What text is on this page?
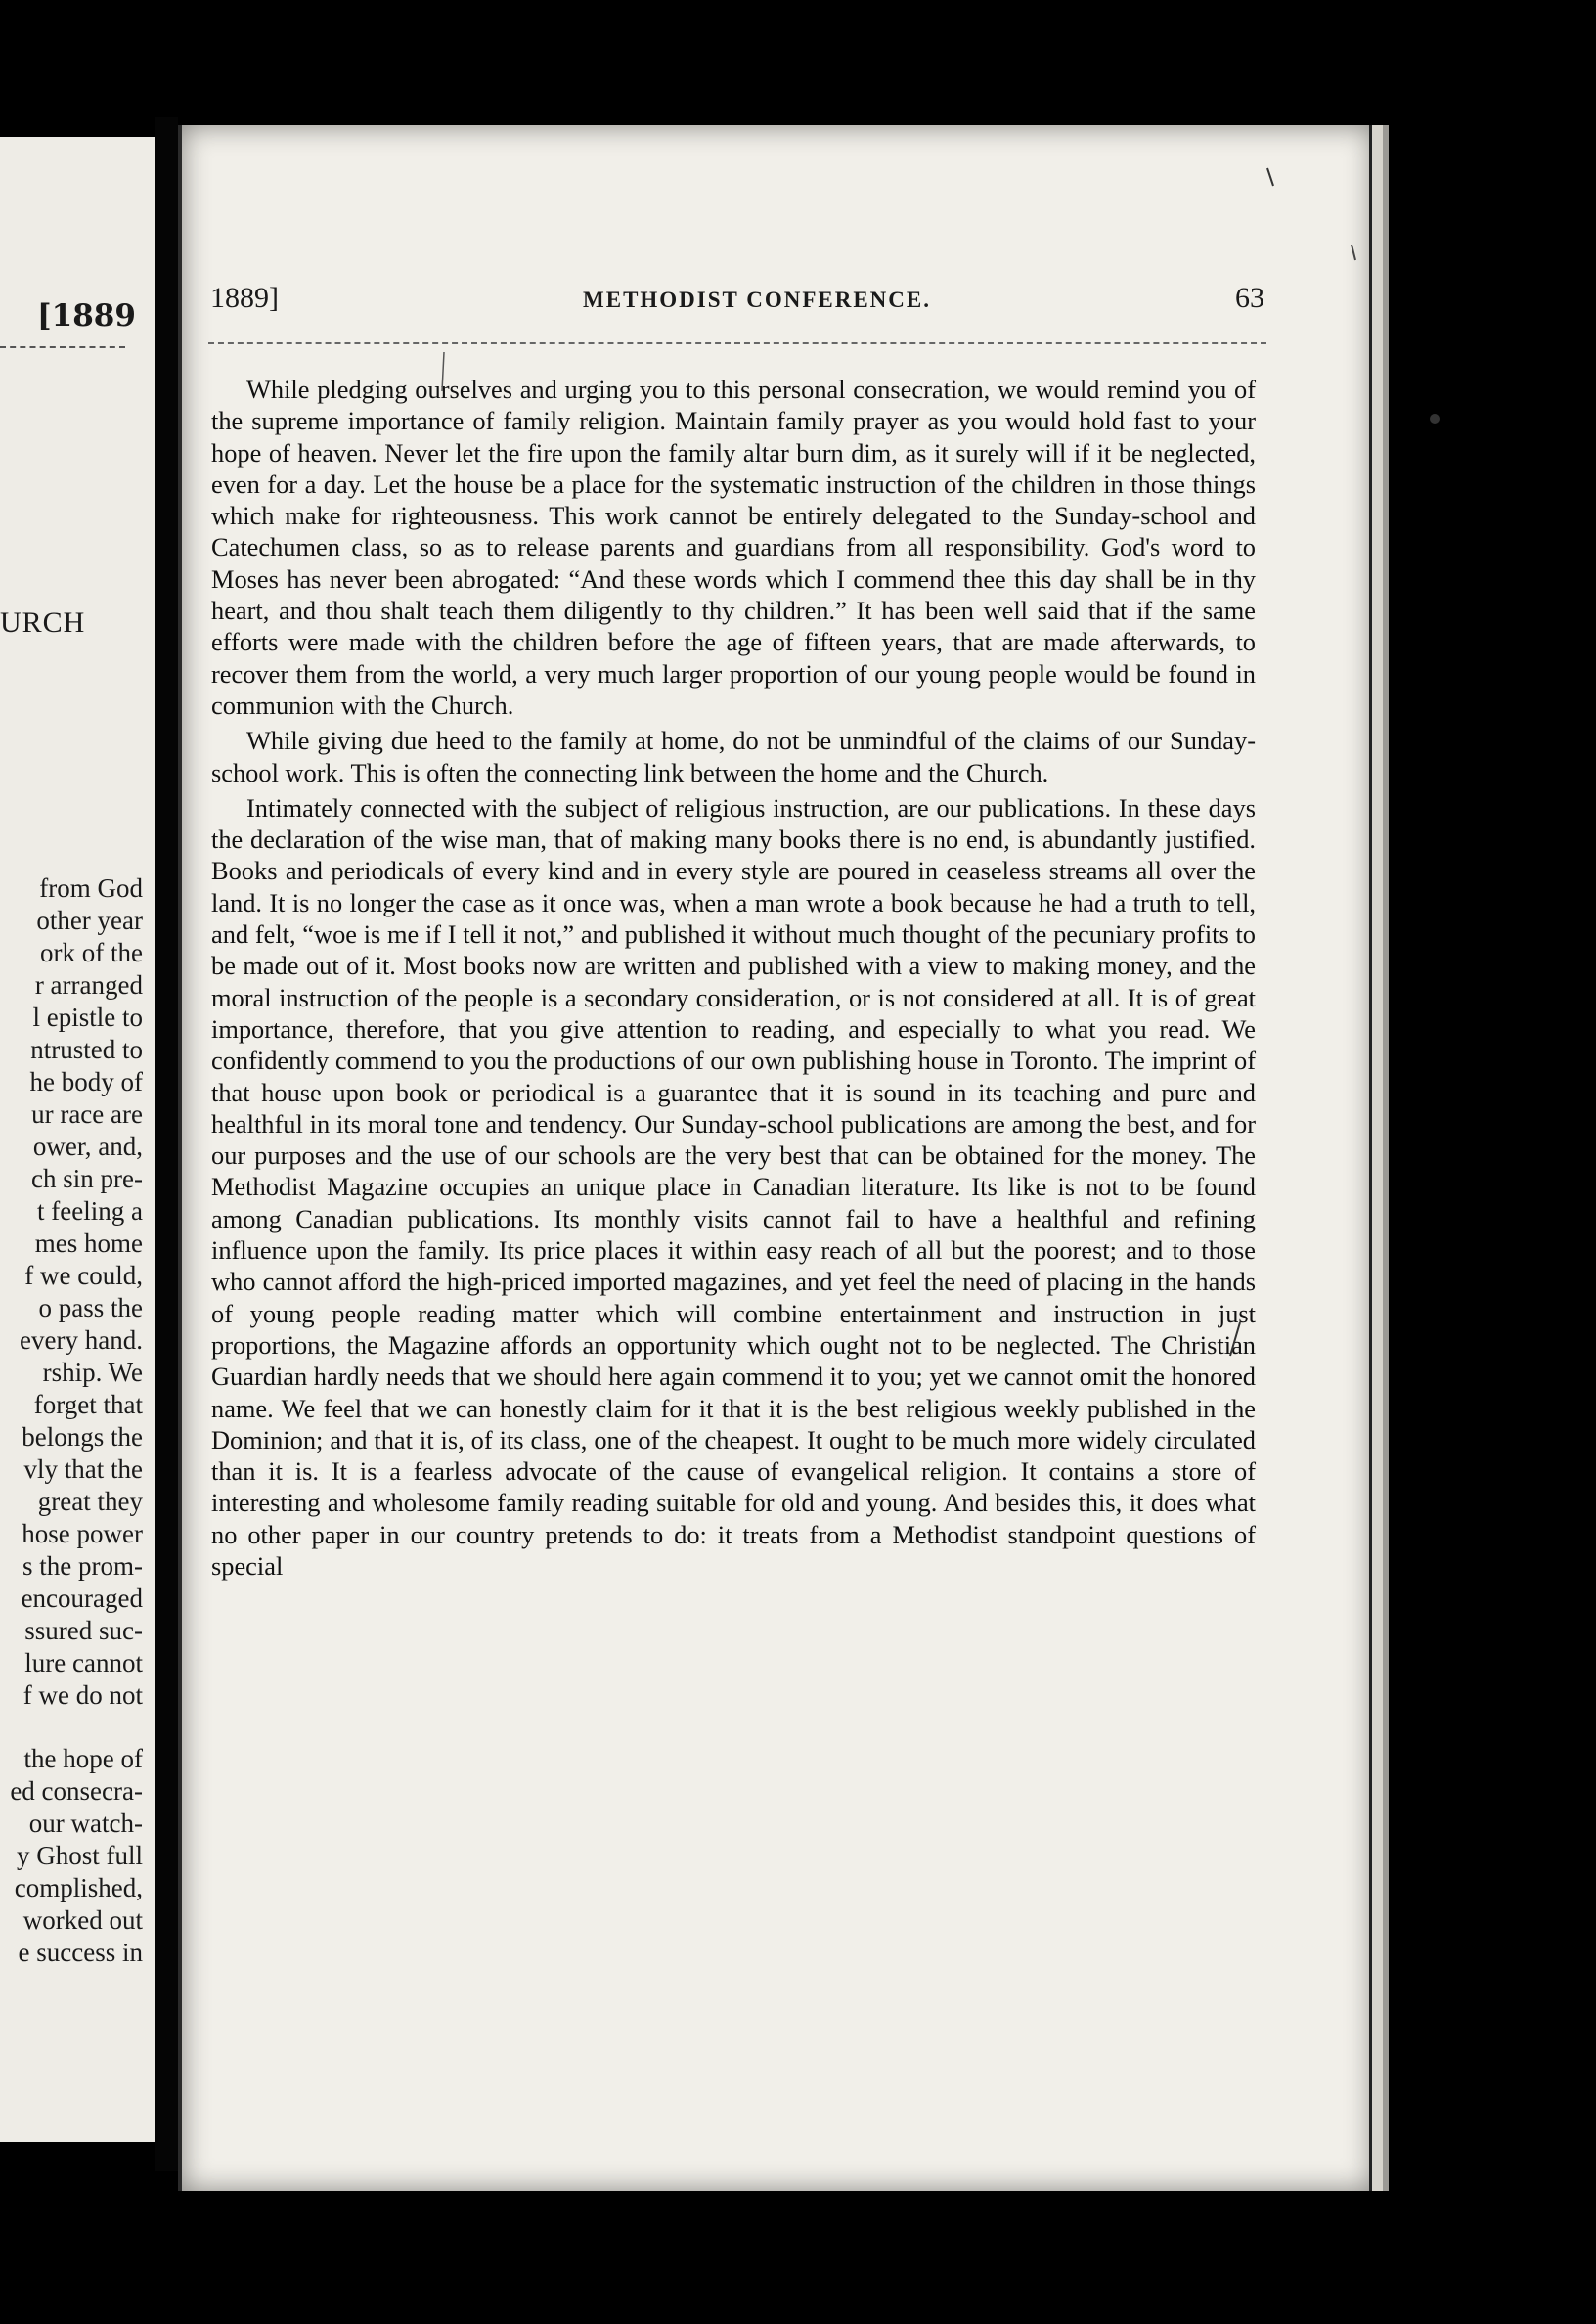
[1889

URCH

from God
other year
ork of the
r arranged
l epistle to
ntrusted to
he body of
ur race are
ower, and,
ch sin pre-
t feeling a
mes home
f we could,
o pass the
every hand.
rship. We
forget that
belongs the
vly that the
great they
hose power
s the prom-
encouraged
ssured suc-
lure cannot
f we do not
the hope of
ed consecra-
our watch-
y Ghost full
complished,
worked out
e success in
1889]	METHODIST CONFERENCE.	63

While pledging ourselves and urging you to this personal consecration, we would remind you of the supreme importance of family religion. Maintain family prayer as you would hold fast to your hope of heaven. Never let the fire upon the family altar burn dim, as it surely will if it be neglected, even for a day. Let the house be a place for the systematic instruction of the children in those things which make for righteousness. This work cannot be entirely delegated to the Sunday-school and Catechumen class, so as to release parents and guardians from all responsibility. God's word to Moses has never been abrogated: “And these words which I commend thee this day shall be in thy heart, and thou shalt teach them diligently to thy children.” It has been well said that if the same efforts were made with the children before the age of fifteen years, that are made afterwards, to recover them from the world, a very much larger proportion of our young people would be found in communion with the Church.

While giving due heed to the family at home, do not be unmindful of the claims of our Sunday-school work. This is often the connecting link between the home and the Church.

Intimately connected with the subject of religious instruction, are our publications. In these days the declaration of the wise man, that of making many books there is no end, is abundantly justified. Books and periodicals of every kind and in every style are poured in ceaseless streams all over the land. It is no longer the case as it once was, when a man wrote a book because he had a truth to tell, and felt, “woe is me if I tell it not,” and published it without much thought of the pecuniary profits to be made out of it. Most books now are written and published with a view to making money, and the moral instruction of the people is a secondary consideration, or is not considered at all. It is of great importance, therefore, that you give attention to reading, and especially to what you read. We confidently commend to you the productions of our own publishing house in Toronto. The imprint of that house upon book or periodical is a guarantee that it is sound in its teaching and pure and healthful in its moral tone and tendency. Our Sunday-school publications are among the best, and for our purposes and the use of our schools are the very best that can be obtained for the money. The Methodist Magazine occupies an unique place in Canadian literature. Its like is not to be found among Canadian publications. Its monthly visits cannot fail to have a healthful and refining influence upon the family. Its price places it within easy reach of all but the poorest; and to those who cannot afford the high-priced imported magazines, and yet feel the need of placing in the hands of young people reading matter which will combine entertainment and instruction in just proportions, the Magazine affords an opportunity which ought not to be neglected. The Christian Guardian hardly needs that we should here again commend it to you; yet we cannot omit the honored name. We feel that we can honestly claim for it that it is the best religious weekly published in the Dominion; and that it is, of its class, one of the cheapest. It ought to be much more widely circulated than it is. It is a fearless advocate of the cause of evangelical religion. It contains a store of interesting and wholesome family reading suitable for old and young. And besides this, it does what no other paper in our country pretends to do: it treats from a Methodist standpoint questions of special
